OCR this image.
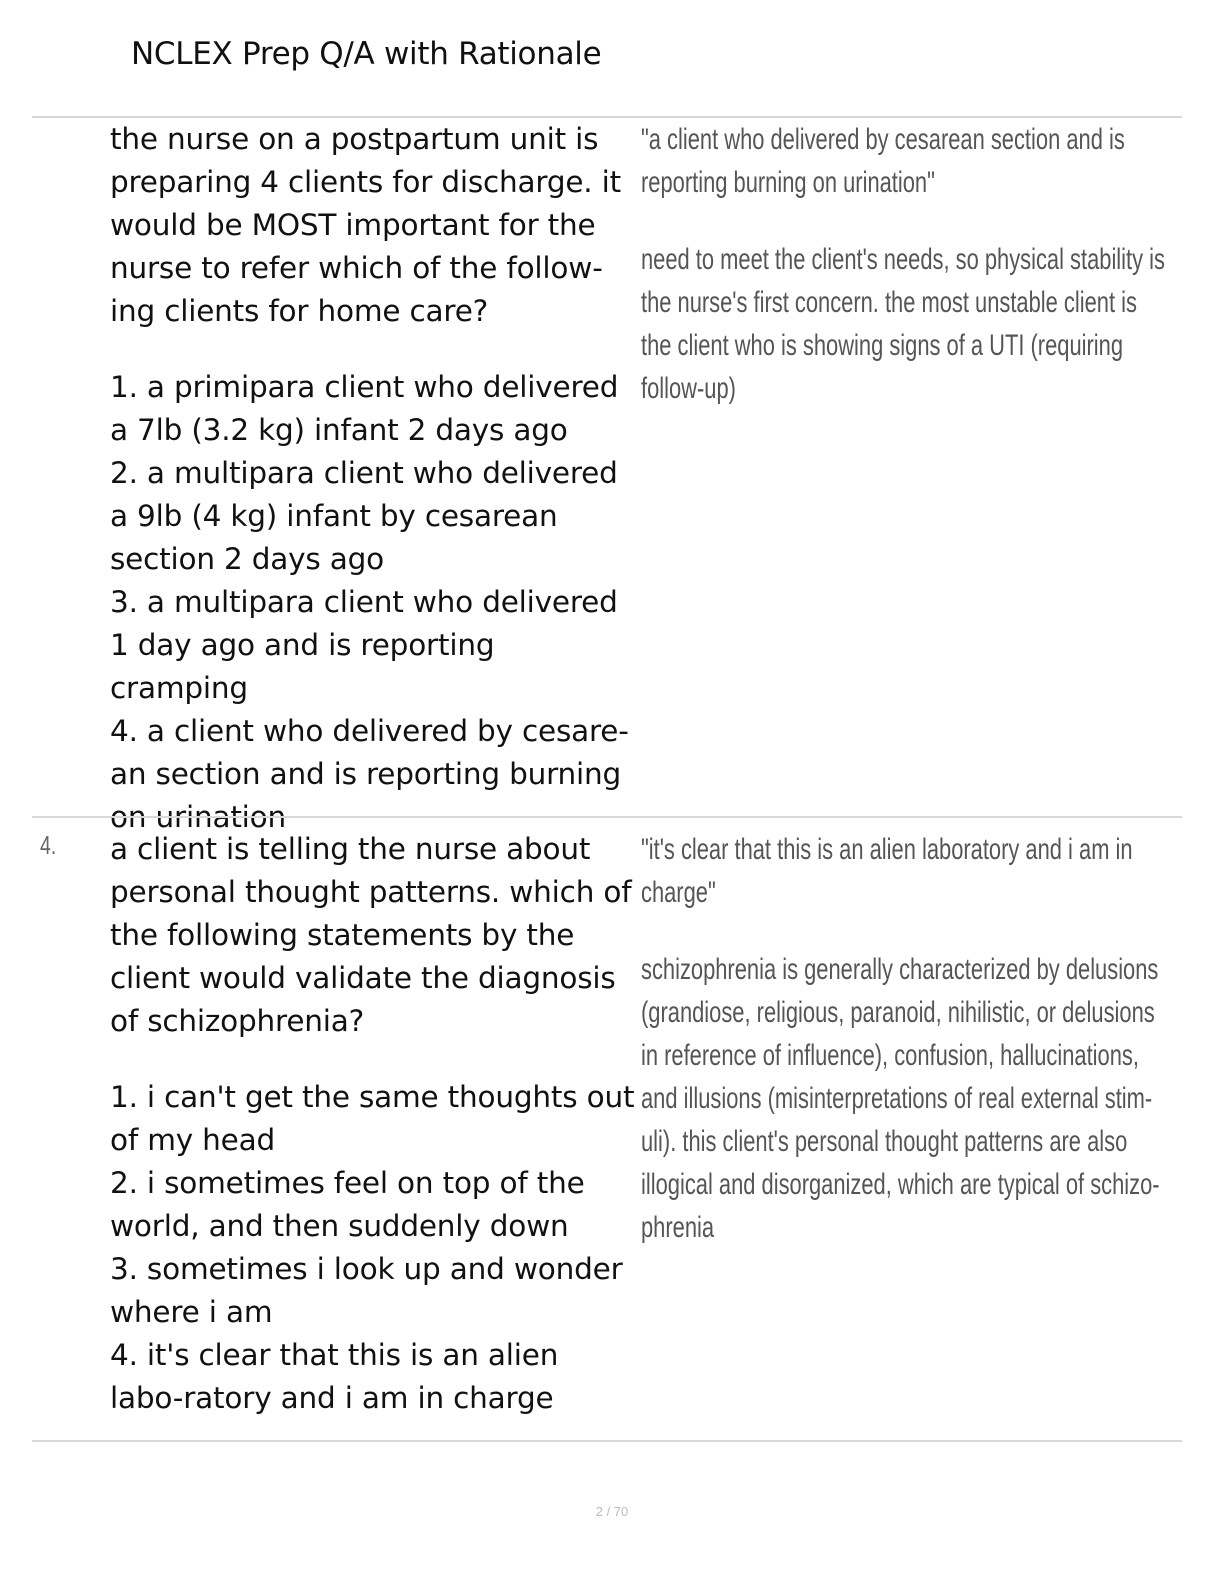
NCLEX Prep Q/A with Rationale

the nurse on a postpartum unit is preparing 4 clients for discharge. it would be MOST important for the nurse to refer which of the follow-ing clients for home care?

1. a primipara client who delivered a 7lb (3.2 kg) infant 2 days ago

2. a multipara client who delivered a 9lb (4 kg) infant by cesarean section 2 days ago

3. a multipara client who delivered 1 day ago and is reporting cramping

4. a client who delivered by cesare-an section and is reporting burning on urination

"a client who delivered by cesarean section and is reporting burning on urination"

need to meet the client's needs, so physical stability is the nurse's first concern. the most unstable client is the client who is showing signs of a UTI (requiring follow-up)

4. a client is telling the nurse about personal thought patterns. which of the following statements by the client would validate the diagnosis of schizophrenia?

1. i can't get the same thoughts out of my head

2. i sometimes feel on top of the world, and then suddenly down

3. sometimes i look up and wonder where i am

4. it's clear that this is an alien labo-ratory and i am in charge

"it's clear that this is an alien laboratory and i am in charge"

schizophrenia is generally characterized by delusions (grandiose, religious, paranoid, nihilistic, or delusions in reference of influence), confusion, hallucinations, and illusions (misinterpretations of real external stim-uli). this client's personal thought patterns are also illogical and disorganized, which are typical of schizo-phrenia

2 / 70
